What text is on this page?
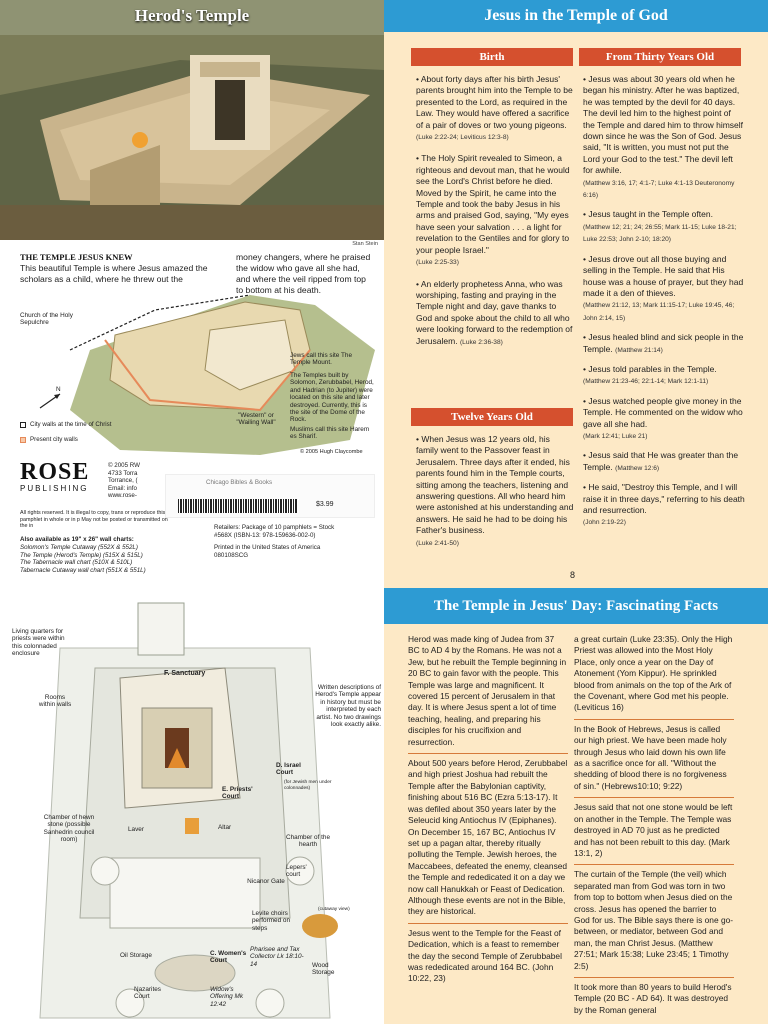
Herod's Temple
Stan Stein
THE TEMPLE JESUS KNEW
This beautiful Temple is where Jesus amazed the scholars as a child, where he threw out the
money changers, where he praised the widow who gave all she had, and where the veil ripped from top to bottom at his death.
Church of the Holy Sepulchre
Jews call this site The Temple Mount.
The Temples built by Solomon, Zerubbabel, Herod, and Hadrian (to Jupiter) were located on this site and later destroyed. Currently, this is the site of the Dome of the Rock.
"Western" or "Wailing Wall"
Muslims call this site Harem es Sharif.
N
City walls at the time of Christ
Present city walls
© 2005 Hugh Claycombe
ROSE
PUBLISHING
© 2005 RW
4733 Torra
Torrance, (
Email: info
www.rose-
Chicago Bibles & Books
$3.99
All rights reserved. It is illegal to copy, trans or reproduce this pamphlet in whole or in p May not be posted or transmitted on the in
Also available as 19" x 26" wall charts:
Solomon's Temple Cutaway (552X & 552L)
The Temple (Herod's Temple) (515X & 515L)
The Tabernacle wall chart (510X & 510L)
Tabernacle Cutaway wall chart (551X & 551L)
Retailers: Package of 10 pamphlets = Stock #568X (ISBN-13: 978-159636-002-0)
Printed in the United States of America
080108SCG
Jesus in the Temple of God
Birth
• About forty days after his birth Jesus' parents brought him into the Temple to be presented to the Lord, as required in the Law. They would have offered a sacrifice of a pair of doves or two young pigeons.
(Luke 2:22-24; Leviticus 12:3-8)
• The Holy Spirit revealed to Simeon, a righteous and devout man, that he would see the Lord's Christ before he died. Moved by the Spirit, he came into the Temple and took the baby Jesus in his arms and praised God, saying, "My eyes have seen your salvation . . . a light for revelation to the Gentiles and for glory to your people Israel."
(Luke 2:25-33)
• An elderly prophetess Anna, who was worshiping, fasting and praying in the Temple night and day, gave thanks to God and spoke about the child to all who were looking forward to the redemption of Jerusalem. (Luke 2:36-38)
Twelve Years Old
• When Jesus was 12 years old, his family went to the Passover feast in Jerusalem. Three days after it ended, his parents found him in the Temple courts, sitting among the teachers, listening and answering questions. All who heard him were astonished at his understanding and answers. He said he had to be doing his Father's business.
(Luke 2:41-50)
From Thirty Years Old
• Jesus was about 30 years old when he began his ministry. After he was baptized, he was tempted by the devil for 40 days. The devil led him to the highest point of the Temple and dared him to throw himself down since he was the Son of God. Jesus said, "It is written, you must not put the Lord your God to the test." The devil left for awhile.
(Matthew 3:16, 17; 4:1-7; Luke 4:1-13 Deuteronomy 6:16)
• Jesus taught in the Temple often.
(Matthew 12; 21; 24; 26:55; Mark 11-15; Luke 18-21; Luke 22:53; John 2-10; 18:20)
• Jesus drove out all those buying and selling in the Temple. He said that His house was a house of prayer, but they had made it a den of thieves.
(Matthew 21:12, 13; Mark 11:15-17; Luke 19:45, 46; John 2:14, 15)
• Jesus healed blind and sick people in the Temple. (Matthew 21:14)
• Jesus told parables in the Temple.
(Matthew 21:23-46; 22:1-14; Mark 12:1-11)
• Jesus watched people give money in the Temple. He commented on the widow who gave all she had.
(Mark 12:41; Luke 21)
• Jesus said that He was greater than the Temple. (Matthew 12:6)
• He said, "Destroy this Temple, and I will raise it in three days," referring to his death and resurrection.
(John 2:19-22)
8
Living quarters for priests were within this colonnaded enclosure
Rooms within walls
F. Sanctuary
Written descriptions of Herod's Temple appear in history but must be interpreted by each artist. No two drawings look exactly alike.
D. Israel Court
(for Jewish men under colonnades)
E. Priests' Court
Laver	Altar
Chamber of hewn stone (possible Sanhedrin council room)	Chamber of the hearth
Nicanor Gate
Lepers' court
Levite choirs performed on steps
(cutaway view)
Oil Storage	C. Women's Court
Pharisee and Tax Collector Lk 18:10-14	Wood Storage
Nazarites Court
Widow's Offering Mk 12:42
The Temple in Jesus' Day: Fascinating Facts

Herod was made king of Judea from 37 BC to AD 4 by the Romans. He was not a Jew, but he rebuilt the Temple beginning in 20 BC to gain favor with the people. This Temple was large and magnificent. It covered 15 percent of Jerusalem in that day. It is where Jesus spent a lot of time teaching, healing, and preparing his disciples for his crucifixion and resurrection.

About 500 years before Herod, Zerubbabel and high priest Joshua had rebuilt the Temple after the Babylonian captivity, finishing about 516 BC (Ezra 5:13-17). It was defiled about 350 years later by the Seleucid king Antiochus IV (Epiphanes). On December 15, 167 BC, Antiochus IV set up a pagan altar, thereby ritually polluting the Temple. Jewish heroes, the Maccabees, defeated the enemy, cleansed the Temple and rededicated it on a day we now call Hanukkah or Feast of Dedication. Although these events are not in the Bible, they are historical.

Jesus went to the Temple for the Feast of Dedication, which is a feast to remember the day the second Temple of Zerubbabel was rededicated around 164 BC. (John 10:22, 23)

a great curtain (Luke 23:35). Only the High Priest was allowed into the Most Holy Place, only once a year on the Day of Atonement (Yom Kippur). He sprinkled blood from animals on the top of the Ark of the Covenant, where God met his people. (Leviticus 16)

In the Book of Hebrews, Jesus is called our high priest. We have been made holy through Jesus who laid down his own life as a sacrifice once for all. "Without the shedding of blood there is no forgiveness of sin." (Hebrews10:10; 9:22)

Jesus said that not one stone would be left on another in the Temple. The Temple was destroyed in AD 70 just as he predicted and has not been rebuilt to this day. (Mark 13:1, 2)

The curtain of the Temple (the veil) which separated man from God was torn in two from top to bottom when Jesus died on the cross. Jesus has opened the barrier to God for us. The Bible says there is one go-between, or mediator, between God and man, the man Christ Jesus. (Matthew 27:51; Mark 15:38; Luke 23:45; 1 Timothy 2:5)

It took more than 80 years to build Herod's Temple (20 BC - AD 64). It was destroyed by the Roman general
